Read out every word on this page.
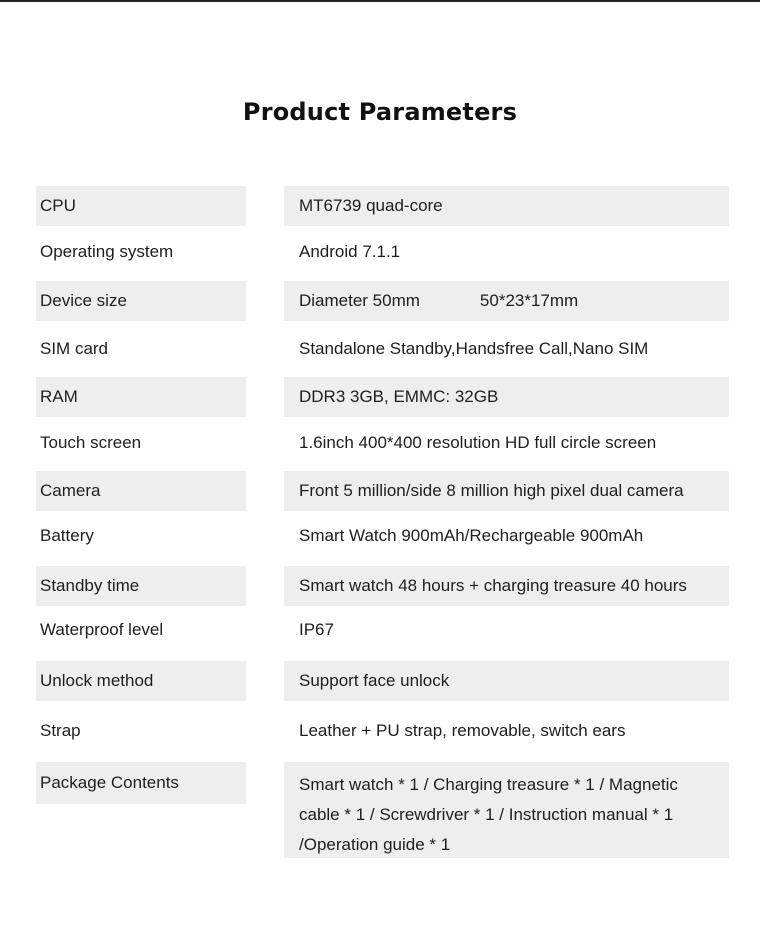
Product Parameters
CPU	MT6739 quad-core
Operating system	Android 7.1.1
Device size	Diameter 50mm	50*23*17mm
SIM card	Standalone Standby,Handsfree Call,Nano SIM
RAM	DDR3 3GB, EMMC: 32GB
Touch screen	1.6inch 400*400 resolution HD full circle screen
Camera	Front 5 million/side 8 million high pixel dual camera
Battery	Smart Watch 900mAh/Rechargeable 900mAh
Standby time	Smart watch 48 hours + charging treasure 40 hours
Waterproof level	IP67
Unlock method	Support face unlock
Strap	Leather + PU strap, removable, switch ears
Package Contents	Smart watch * 1 / Charging treasure * 1 / Magnetic cable * 1 / Screwdriver * 1 / Instruction manual * 1 /Operation guide * 1
